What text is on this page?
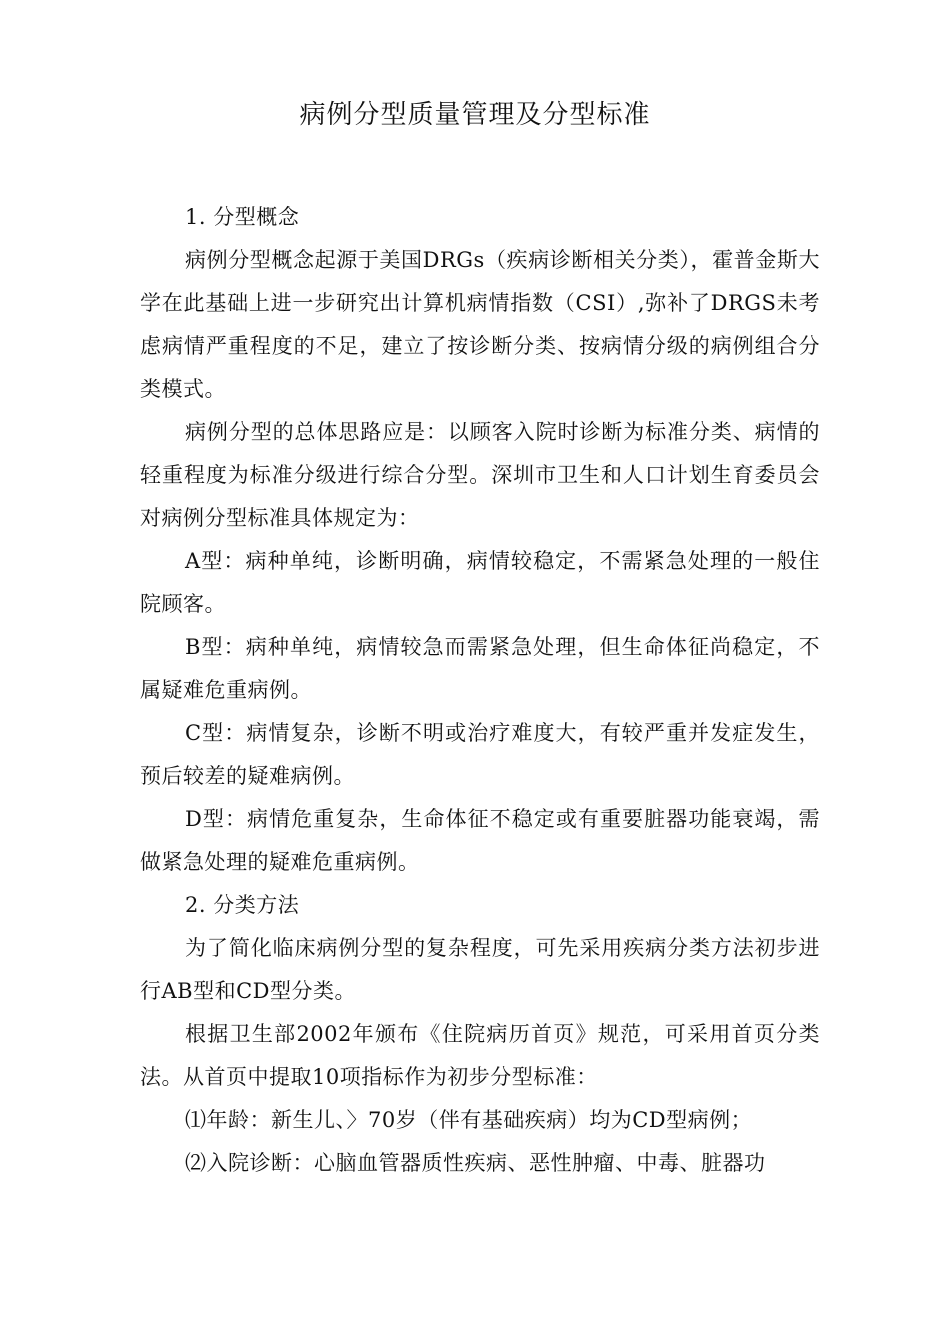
病例分型质量管理及分型标准

1. 分型概念

病例分型概念起源于美国DRGs（疾病诊断相关分类），霍普金斯大学在此基础上进一步研究出计算机病情指数（CSI）,弥补了DRGS未考虑病情严重程度的不足，建立了按诊断分类、按病情分级的病例组合分类模式。

病例分型的总体思路应是：以顾客入院时诊断为标准分类、病情的轻重程度为标准分级进行综合分型。深圳市卫生和人口计划生育委员会对病例分型标准具体规定为：

A型：病种单纯，诊断明确，病情较稳定，不需紧急处理的一般住院顾客。

B型：病种单纯，病情较急而需紧急处理，但生命体征尚稳定，不属疑难危重病例。

C型：病情复杂，诊断不明或治疗难度大，有较严重并发症发生，预后较差的疑难病例。

D型：病情危重复杂，生命体征不稳定或有重要脏器功能衰竭，需做紧急处理的疑难危重病例。

2. 分类方法

为了简化临床病例分型的复杂程度，可先采用疾病分类方法初步进行AB型和CD型分类。

根据卫生部2002年颁布《住院病历首页》规范，可采用首页分类法。从首页中提取10项指标作为初步分型标准：

⑴年龄：新生儿、〉70岁（伴有基础疾病）均为CD型病例；

⑵入院诊断：心脑血管器质性疾病、恶性肿瘤、中毒、脏器功
